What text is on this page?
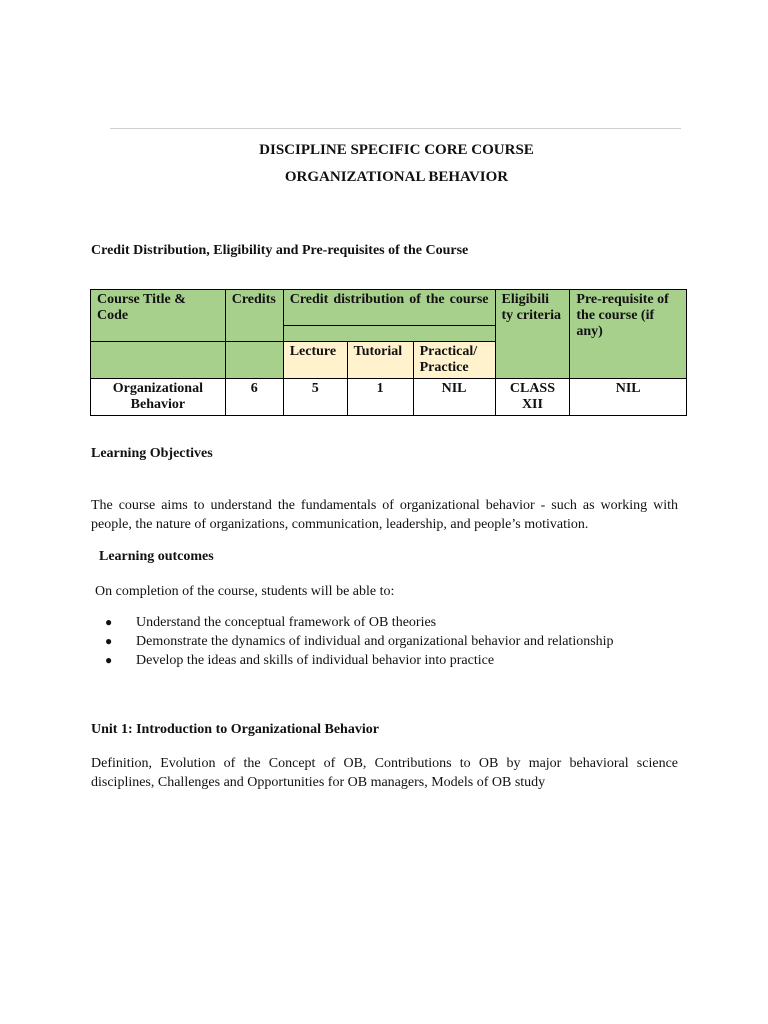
DISCIPLINE SPECIFIC CORE COURSE
ORGANIZATIONAL BEHAVIOR
Credit Distribution, Eligibility and Pre-requisites of the Course
Course Title & Code	Credits	Credit distribution of the course			Eligibili ty criteria	Pre-requisite of the course (if any)

		Lecture	Tutorial	Practical/ Practice		
Organizational Behavior	6	5	1	NIL	CLASS XII	NIL
Learning Objectives
The course aims to understand the fundamentals of organizational behavior - such as working with people, the nature of organizations, communication, leadership, and people’s motivation.
Learning outcomes
On completion of the course, students will be able to:
●	Understand the conceptual framework of OB theories
●	Demonstrate the dynamics of individual and organizational behavior and relationship
●	Develop the ideas and skills of individual behavior into practice
Unit 1: Introduction to Organizational Behavior
Definition, Evolution of the Concept of OB, Contributions to OB by major behavioral science disciplines, Challenges and Opportunities for OB managers, Models of OB study
